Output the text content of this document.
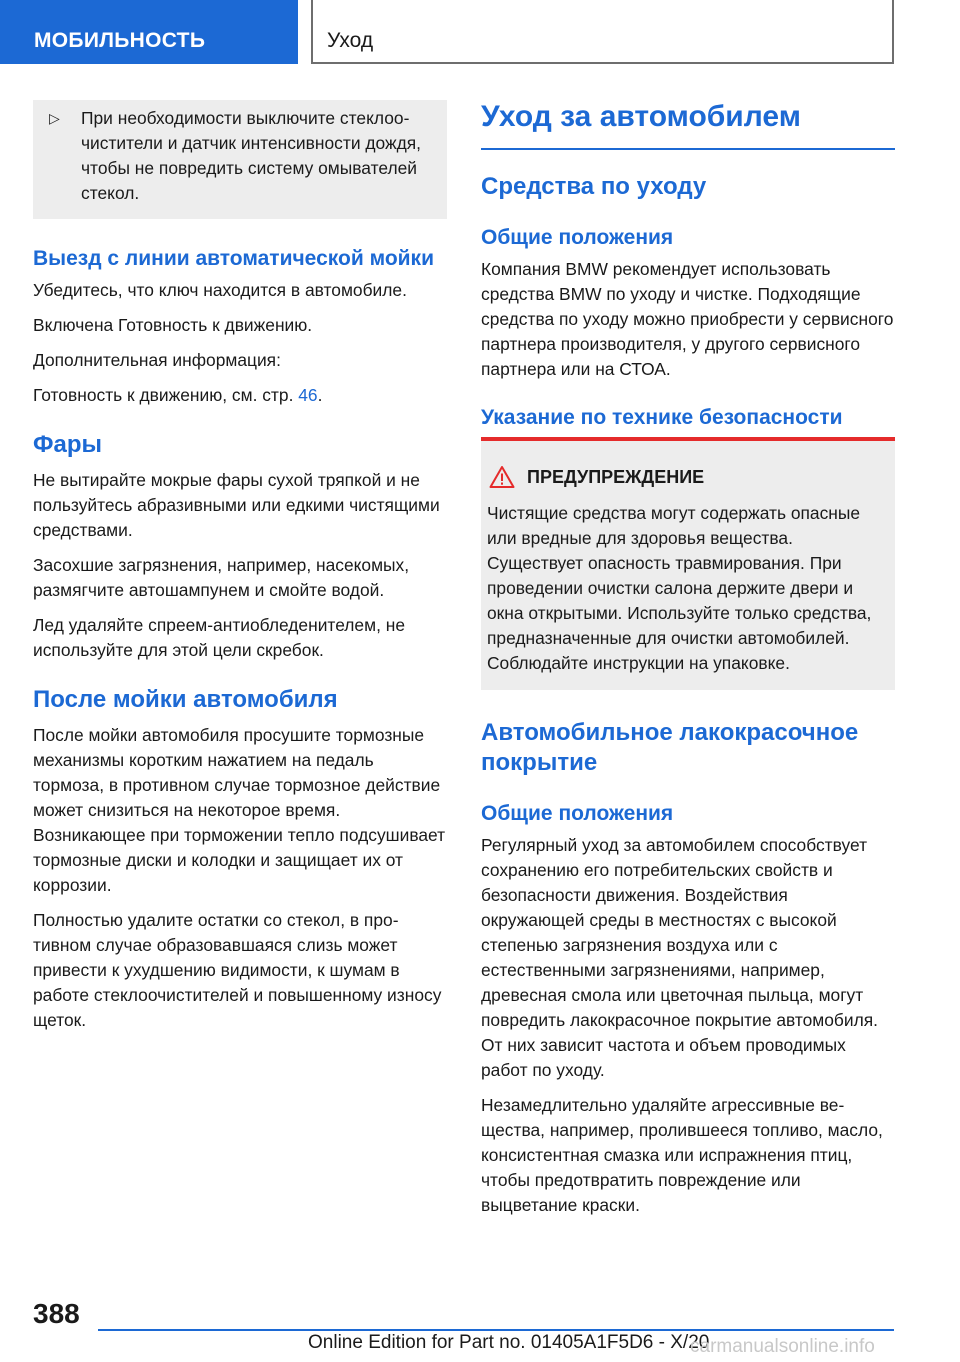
МОБИЛЬНОСТЬ	Уход
▷	При необходимости выключите стеклоочистители и датчик интенсивности дождя, чтобы не повредить систему омывателей стекол.
Выезд с линии автоматической мойки

Убедитесь, что ключ находится в автомобиле.

Включена Готовность к движению.

Дополнительная информация:

Готовность к движению, см. стр. 46.

Фары

Не вытирайте мокрые фары сухой тряпкой и не пользуйтесь абразивными или едкими чистящими средствами.

Засохшие загрязнения, например, насекомых, размягчите автошампунем и смойте водой.

Лед удаляйте спреем-антиобледенителем, не используйте для этой цели скребок.

После мойки автомобиля

После мойки автомобиля просушите тормозные механизмы коротким нажатием на педаль тормоза, в противном случае тормозное действие может снизиться на некоторое время. Возникающее при торможении тепло подсушивает тормозные диски и колодки и защищает их от коррозии.

Полностью удалите остатки со стекол, в противном случае образовавшаяся слизь может привести к ухудшению видимости, к шумам в работе стеклоочистителей и повышенному износу щеток.

Уход за автомобилем
Средства по уходу
Общие положения

Компания BMW рекомендует использовать средства BMW по уходу и чистке. Подходящие средства по уходу можно приобрести у сервисного партнера производителя, у другого сервисного партнера или на СТОА.

Указание по технике безопасности
ПРЕДУПРЕЖДЕНИЕ

Чистящие средства могут содержать опасные или вредные для здоровья вещества. Существует опасность травмирования. При проведении очистки салона держите двери и окна открытыми. Используйте только средства, предназначенные для очистки автомобилей. Соблюдайте инструкции на упаковке.

Автомобильное лакокрасочное покрытие
Общие положения

Регулярный уход за автомобилем способствует сохранению его потребительских свойств и безопасности движения. Воздействия окружающей среды в местностях с высокой степенью загрязнения воздуха или с естественными загрязнениями, например, древесная смола или цветочная пыльца, могут повредить лакокрасочное покрытие автомобиля. От них зависит частота и объем проводимых работ по уходу.

Незамедлительно удаляйте агрессивные вещества, например, пролившееся топливо, масло, консистентная смазка или испражнения птиц, чтобы предотвратить повреждение или выцветание краски.

388
Online Edition for Part no. 01405A1F5D6 - X/20
carmanualsonline.info
